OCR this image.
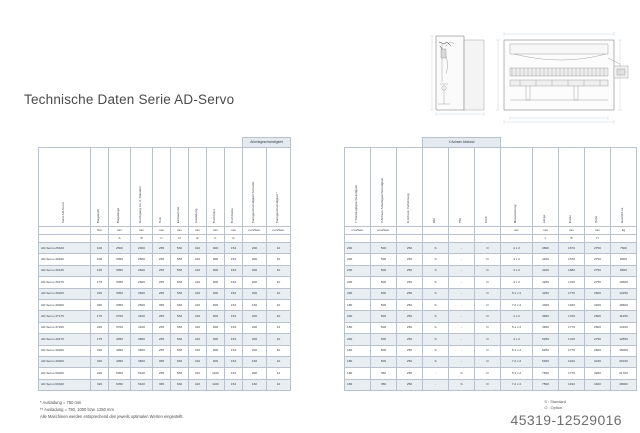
Technische Daten Serie AD-Servo
									Arbeitsgeschwindigkeit	

Serie AD-Servo	Biegekraft	Biegelänge	Durchgang zw. d. Ständern	Hub	Einbauhöhe	Ausladung	Tischhöhe	Tischbreite	Senkgeschwindigkeit Schnelle	Senkgeschwindigkeit *

	Ton	mm	mm	mm	mm	mm	mm	mm	mm/Sek.	mm/Sek.
		A	B	C	D	E	F	G		
AD-Servo 25100	100	2500	2000	265	530	410	900	154	200	10
AD-Servo 30100	100	3050	2600	265	530	410	900	154	200	10
AD-Servo 30135	135	3050	2600	265	530	410	900	154	200	10
AD-Servo 30175	175	3050	2600	265	530	410	900	154	200	10
AD-Servo 30220	220	3050	2600	265	530	410	900	154	200	10
AD-Servo 30320	320	3050	2600	365	630	410	900	154	160	10
AD-Servo 37175	175	3700	3100	265	530	410	900	154	200	10
AD-Servo 37220	220	3700	3100	265	530	410	900	154	200	12
AD-Servo 40175	175	4050	3600	265	530	410	900	154	200	10
AD-Servo 40220	220	4050	3600	265	530	410	900	154	200	10
AD-Servo 40320	320	4050	3600	365	630	410	900	154	160	10
AD-Servo 60220	220	6050	5100	265	530	410	1100	154	200	12
AD-Servo 60320	320	6050	5100	365	630	410	1100	154	160	10
			X Achsen Abstand							

Y Rückzugsgeschwindigkeit	X Achsen Arbeitsgeschwindigkeit	R Achsen Verfahrweg	650	750	1000	Motorleistung	Länge	Breite	Höhe	Gewicht ca.

mm/Sek.	mm/Sek.					kw	mm	mm	mm	kg
							L	B	H	
200	500	250	S	-	O	4 x 2	3800	1670	2750	7600
200	500	250	S	-	O	4 x 2	4200	1670	2750	8000
200	500	250	S	-	O	4 x 2	4200	1680	2750	8600
200	500	250	S	-	O	4 x 2	4250	1700	2750	10600
200	500	250	S	-	O	5.1 x 2	4250	1770	2800	12250
180	500	250	S	-	O	7.2 x 2	4300	1920	3200	18600
200	500	250	S	-	O	4 x 2	4950	1700	2800	11250
180	500	250	S	-	O	5.1 x 2	4950	1770	2800	14100
200	500	250	S	-	O	4 x 2	5250	1700	2750	12850
180	500	250	S	-	O	5.1 x 2	5250	1770	2800	15000
180	500	250	S	-	O	7.2 x 2	5300	1910	3230	20100
180	350	250	-	S	O	5.1 x 2	7500	1770	3250	21700
180	350	250	-	S	O	7.2 x 2	7500	1910	3460	28000
* Ausladung = 750 mm
** Ausladung = 750, 1000 bzw. 1250 mm
Alle Maschinen werden entsprechend den jeweils optimalen Werten eingestellt.
S : Standard
O : Option
45319-12529016
